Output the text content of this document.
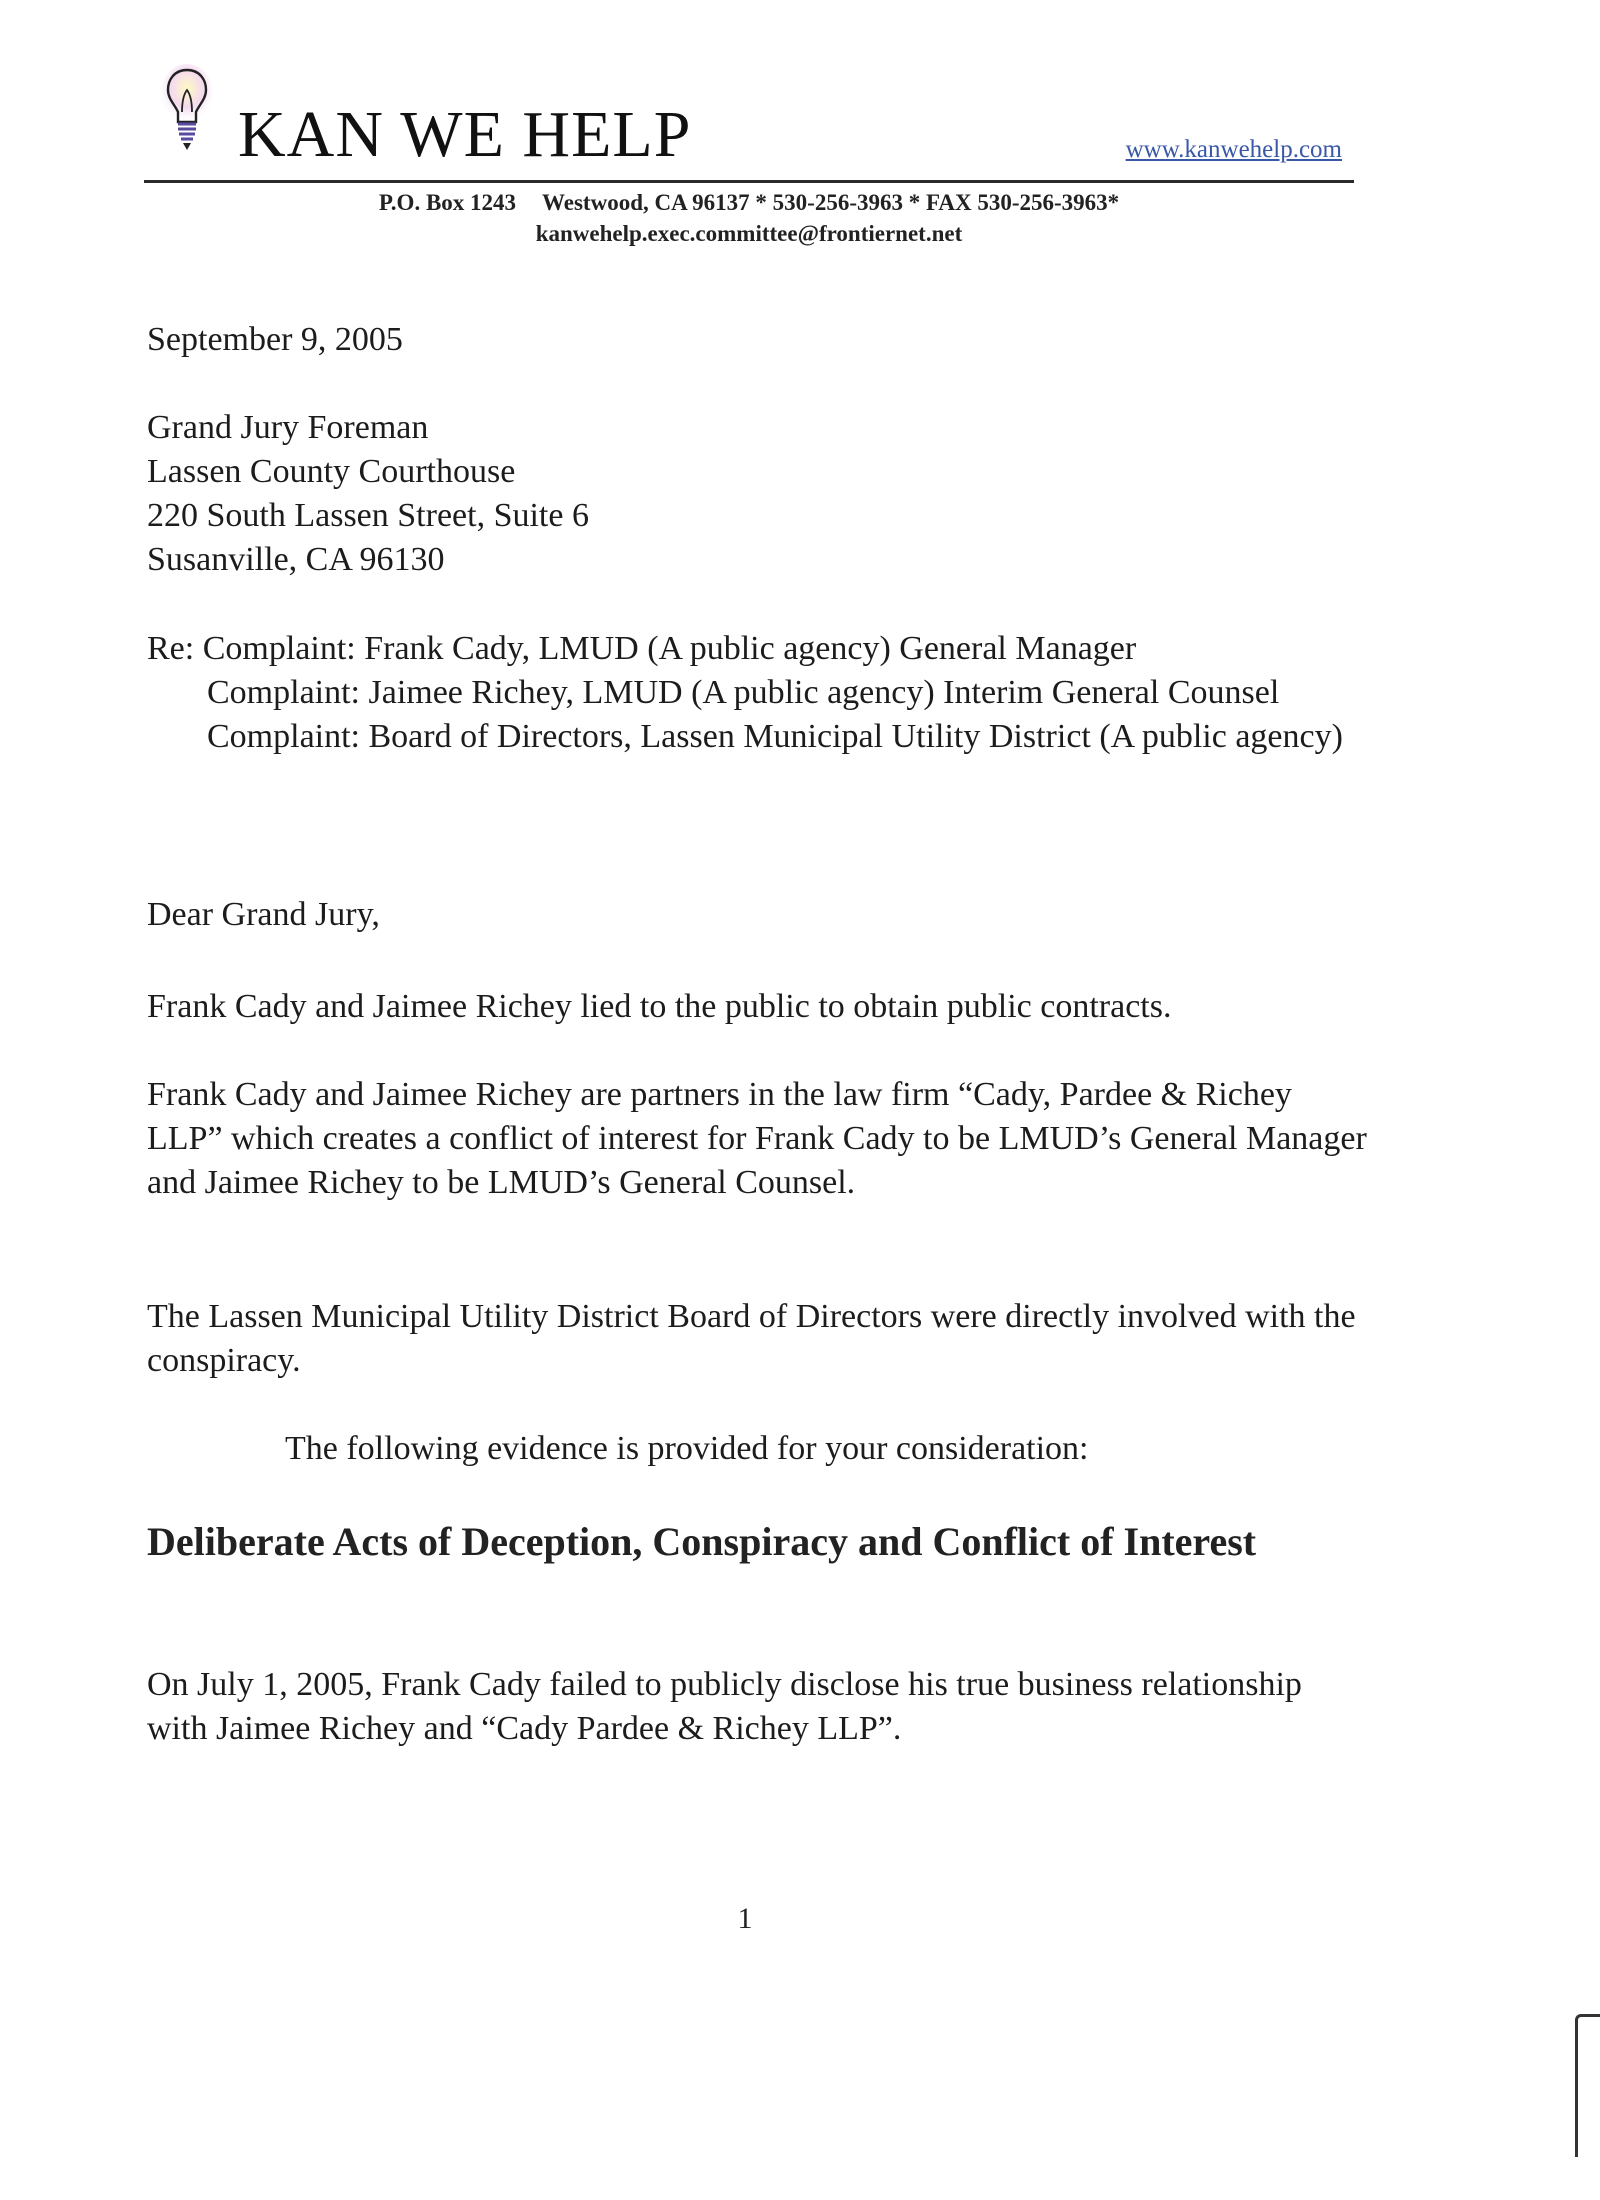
KAN WE HELP	www.kanwehelp.com
P.O. Box 1243 Westwood, CA 96137 * 530-256-3963 * FAX 530-256-3963*
kanwehelp.exec.committee@frontiernet.net
September 9, 2005
Grand Jury Foreman
Lassen County Courthouse
220 South Lassen Street, Suite 6
Susanville, CA 96130
Re: Complaint: Frank Cady, LMUD (A public agency) General Manager
Complaint: Jaimee Richey, LMUD (A public agency) Interim General Counsel
Complaint: Board of Directors, Lassen Municipal Utility District (A public agency)
Dear Grand Jury,
Frank Cady and Jaimee Richey lied to the public to obtain public contracts.
Frank Cady and Jaimee Richey are partners in the law firm “Cady, Pardee & Richey LLP” which creates a conflict of interest for Frank Cady to be LMUD’s General Manager and Jaimee Richey to be LMUD’s General Counsel.
The Lassen Municipal Utility District Board of Directors were directly involved with the conspiracy.
The following evidence is provided for your consideration:
Deliberate Acts of Deception, Conspiracy and Conflict of Interest
On July 1, 2005, Frank Cady failed to publicly disclose his true business relationship with Jaimee Richey and “Cady Pardee & Richey LLP”.
1
